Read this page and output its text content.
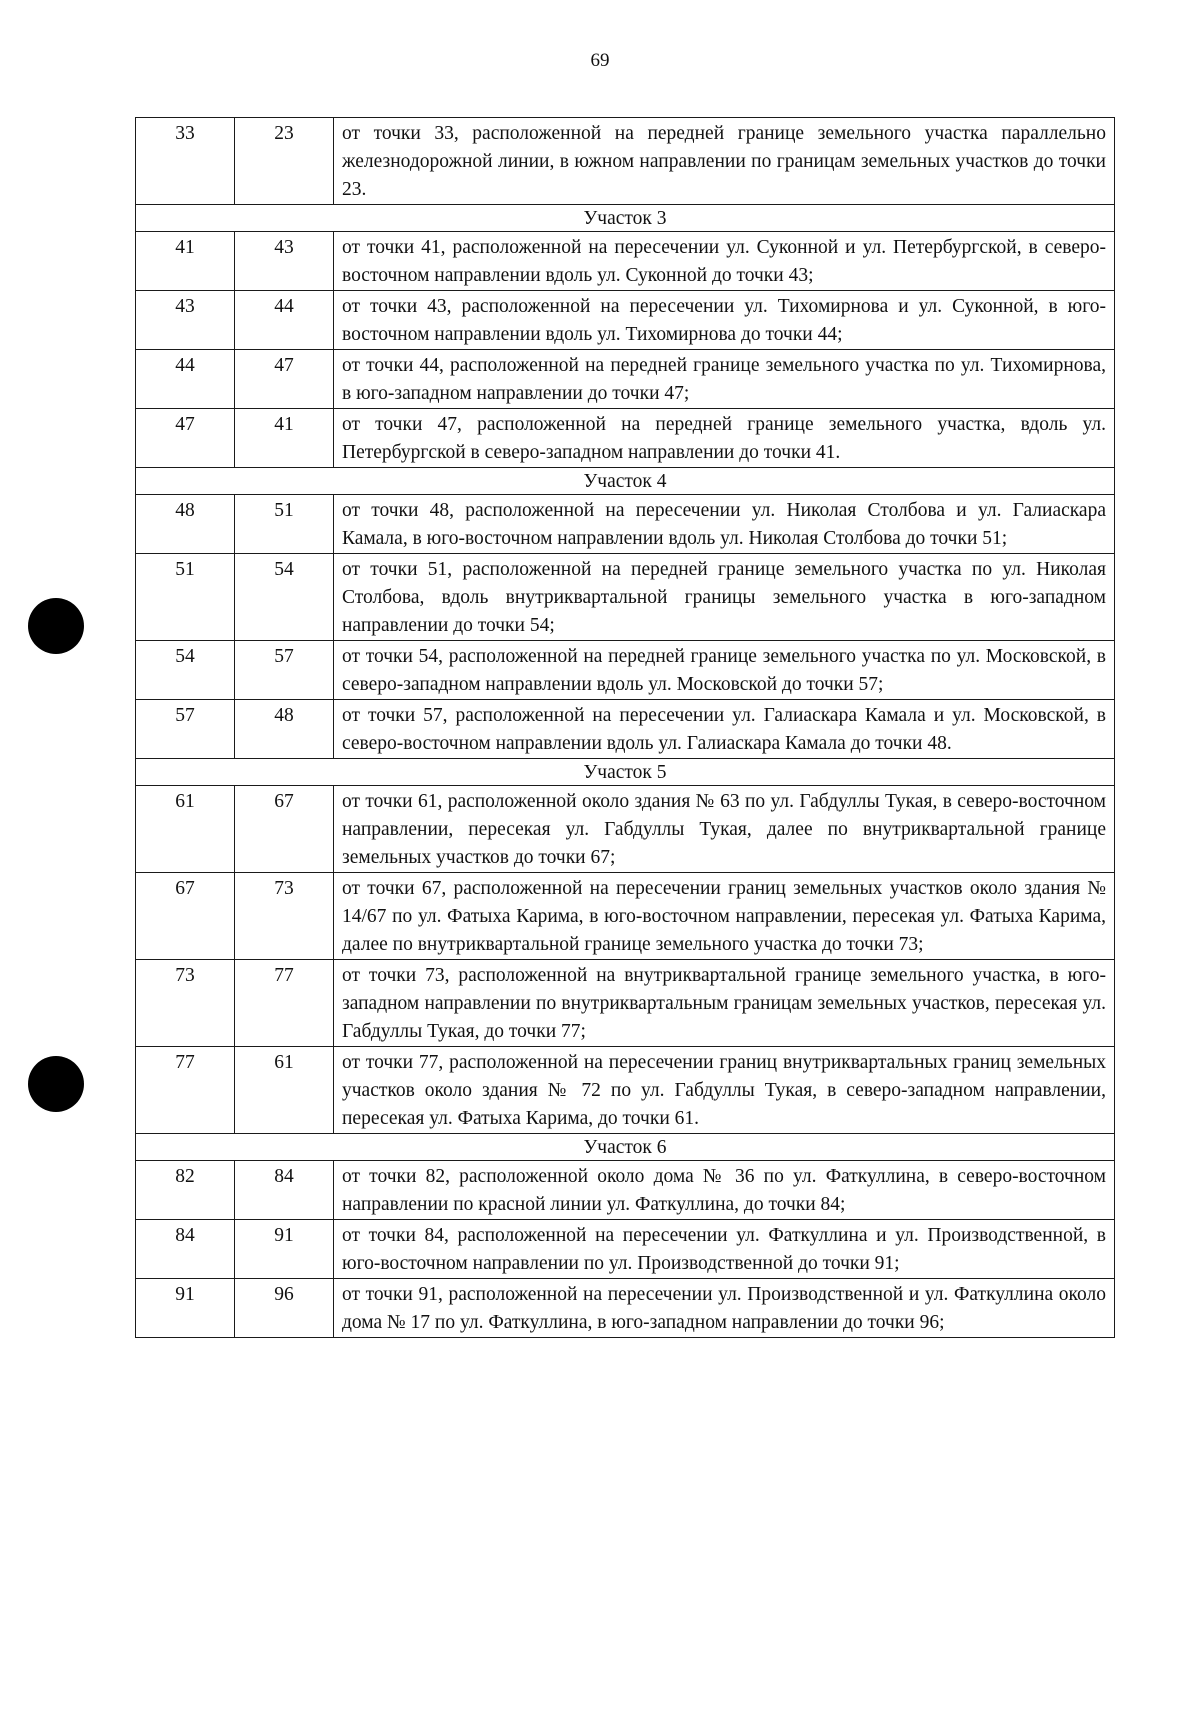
69
33	23	от точки 33, расположенной на передней границе земельного участка параллельно железнодорожной линии, в южном направлении по границам земельных участков до точки 23.
Участок 3		
41	43	от точки 41, расположенной на пересечении ул. Суконной и ул. Петербургской, в северо-восточном направлении вдоль ул. Суконной до точки 43;
43	44	от точки 43, расположенной на пересечении ул. Тихомирнова и ул. Суконной, в юго-восточном направлении вдоль ул. Тихомирнова до точки 44;
44	47	от точки 44, расположенной на передней границе земельного участка по ул. Тихомирнова, в юго-западном направлении до точки 47;
47	41	от точки 47, расположенной на передней границе земельного участка, вдоль ул. Петербургской в северо-западном направлении до точки 41.
Участок 4		
48	51	от точки 48, расположенной на пересечении ул. Николая Столбова и ул. Галиаскара Камала, в юго-восточном направлении вдоль ул. Николая Столбова до точки 51;
51	54	от точки 51, расположенной на передней границе земельного участка по ул. Николая Столбова, вдоль внутриквартальной границы земельного участка в юго-западном направлении до точки 54;
54	57	от точки 54, расположенной на передней границе земельного участка по ул. Московской, в северо-западном направлении вдоль ул. Московской до точки 57;
57	48	от точки 57, расположенной на пересечении ул. Галиаскара Камала и ул. Московской, в северо-восточном направлении вдоль ул. Галиаскара Камала до точки 48.
Участок 5		
61	67	от точки 61, расположенной около здания № 63 по ул. Габдуллы Тукая, в северо-восточном направлении, пересекая ул. Габдуллы Тукая, далее по внутриквартальной границе земельных участков до точки 67;
67	73	от точки 67, расположенной на пересечении границ земельных участков около здания № 14/67 по ул. Фатыха Карима, в юго-восточном направлении, пересекая ул. Фатыха Карима, далее по внутриквартальной границе земельного участка до точки 73;
73	77	от точки 73, расположенной на внутриквартальной границе земельного участка, в юго-западном направлении по внутриквартальным границам земельных участков, пересекая ул. Габдуллы Тукая, до точки 77;
77	61	от точки 77, расположенной на пересечении границ внутриквартальных границ земельных участков около здания № 72 по ул. Габдуллы Тукая, в северо-западном направлении, пересекая ул. Фатыха Карима, до точки 61.
Участок 6		
82	84	от точки 82, расположенной около дома № 36 по ул. Фаткуллина, в северо-восточном направлении по красной линии ул. Фаткуллина, до точки 84;
84	91	от точки 84, расположенной на пересечении ул. Фаткуллина и ул. Производственной, в юго-восточном направлении по ул. Производственной до точки 91;
91	96	от точки 91, расположенной на пересечении ул. Производственной и ул. Фаткуллина около дома № 17 по ул. Фаткуллина, в юго-западном направлении до точки 96;
